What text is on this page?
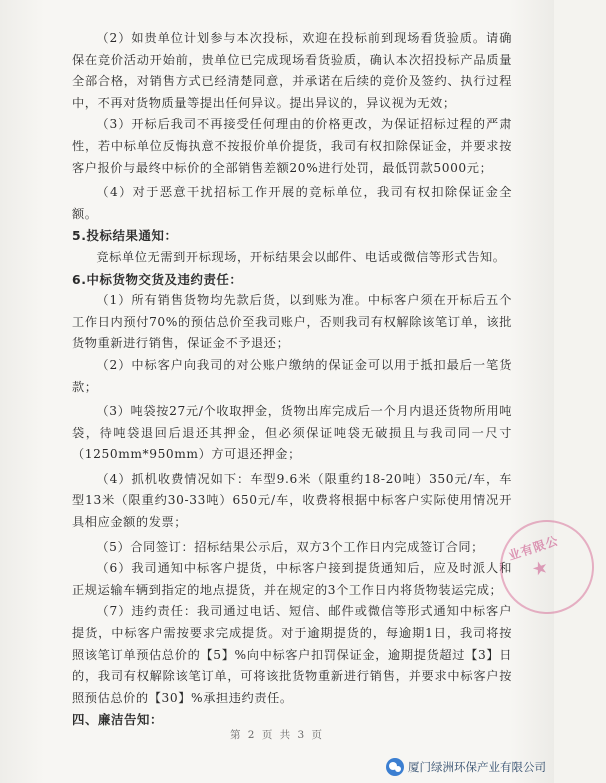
（2）如贵单位计划参与本次投标，欢迎在投标前到现场看货验质。请确保在竞价活动开始前，贵单位已完成现场看货验质，确认本次招投标产品质量全部合格，对销售方式已经清楚同意，并承诺在后续的竞价及签约、执行过程中，不再对货物质量等提出任何异议。提出异议的，异议视为无效；

（3）开标后我司不再接受任何理由的价格更改，为保证招标过程的严肃性，若中标单位反悔执意不按报价单价提货，我司有权扣除保证金，并要求按客户报价与最终中标价的全部销售差额20%进行处罚，最低罚款5000元；

（4）对于恶意干扰招标工作开展的竞标单位，我司有权扣除保证金全额。

5.投标结果通知：

竞标单位无需到开标现场，开标结果会以邮件、电话或微信等形式告知。

6.中标货物交货及违约责任：

（1）所有销售货物均先款后货，以到账为准。中标客户须在开标后五个工作日内预付70%的预估总价至我司账户，否则我司有权解除该笔订单，该批货物重新进行销售，保证金不予退还；

（2）中标客户向我司的对公账户缴纳的保证金可以用于抵扣最后一笔货款；

（3）吨袋按27元/个收取押金，货物出库完成后一个月内退还货物所用吨袋，待吨袋退回后退还其押金，但必须保证吨袋无破损且与我司同一尺寸（1250mm*950mm）方可退还押金；

（4）抓机收费情况如下：车型9.6米（限重约18-20吨）350元/车，车型13米（限重约30-33吨）650元/车，收费将根据中标客户实际使用情况开具相应金额的发票；

（5）合同签订：招标结果公示后，双方3个工作日内完成签订合同；

（6）我司通知中标客户提货，中标客户接到提货通知后，应及时派人和正规运输车辆到指定的地点提货，并在规定的3个工作日内将货物装运完成；

（7）违约责任：我司通过电话、短信、邮件或微信等形式通知中标客户提货，中标客户需按要求完成提货。对于逾期提货的，每逾期1日，我司将按照该笔订单预估总价的【5】%向中标客户扣罚保证金，逾期提货超过【3】日的，我司有权解除该笔订单，可将该批货物重新进行销售，并要求中标客户按照预估总价的【30】%承担违约责任。

四、廉洁告知：

业有限公
★
第 2 页 共 3 页
厦门绿洲环保产业有限公司
